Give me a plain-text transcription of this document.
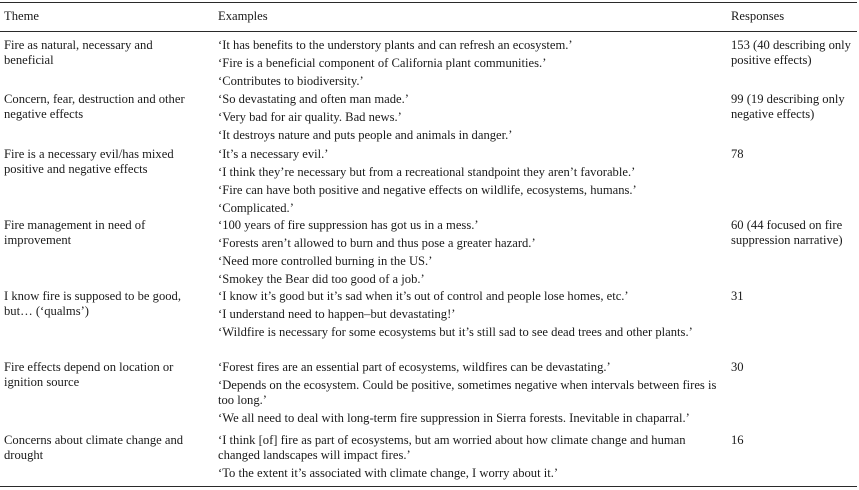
Theme	Examples	Responses
Fire as natural, necessary and beneficial
‘It has benefits to the understory plants and can refresh an ecosystem.’
‘Fire is a beneficial component of California plant communities.’
‘Contributes to biodiversity.’
153 (40 describing only positive effects)
Concern, fear, destruction and other negative effects
‘So devastating and often man made.’
‘Very bad for air quality. Bad news.’
‘It destroys nature and puts people and animals in danger.’
99 (19 describing only negative effects)
Fire is a necessary evil/has mixed positive and negative effects
‘It’s a necessary evil.’
‘I think they’re necessary but from a recreational standpoint they aren’t favorable.’
‘Fire can have both positive and negative effects on wildlife, ecosystems, humans.’
‘Complicated.’
78
Fire management in need of improvement
‘100 years of fire suppression has got us in a mess.’
‘Forests aren’t allowed to burn and thus pose a greater hazard.’
‘Need more controlled burning in the US.’
‘Smokey the Bear did too good of a job.’
60 (44 focused on fire suppression narrative)
I know fire is supposed to be good, but… (‘qualms’)
‘I know it’s good but it’s sad when it’s out of control and people lose homes, etc.’
‘I understand need to happen–but devastating!’
‘Wildfire is necessary for some ecosystems but it’s still sad to see dead trees and other plants.’
31
Fire effects depend on location or ignition source
‘Forest fires are an essential part of ecosystems, wildfires can be devastating.’
‘Depends on the ecosystem. Could be positive, sometimes negative when intervals between fires is too long.’
‘We all need to deal with long-term fire suppression in Sierra forests. Inevitable in chaparral.’
30
Concerns about climate change and drought
‘I think [of] fire as part of ecosystems, but am worried about how climate change and human changed landscapes will impact fires.’
‘To the extent it’s associated with climate change, I worry about it.’
16
